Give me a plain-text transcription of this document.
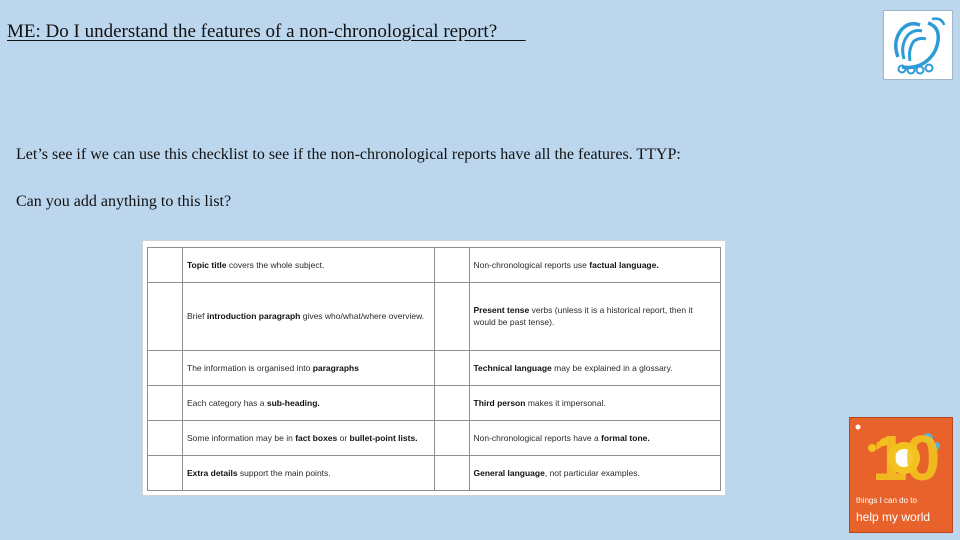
ME: Do I understand the features of a non-chronological report?
Let’s see if we can use this checklist to see if the non-chronological reports have all the features. TTYP:
Can you add anything to this list?
	Topic title covers the whole subject.		Non-chronological reports use factual language.
	Brief introduction paragraph gives who/what/where overview.		Present tense verbs (unless it is a historical report, then it would be past tense).
	The information is organised into paragraphs		Technical language may be explained in a glossary.
	Each category has a sub-heading.		Third person makes it impersonal.
	Some information may be in fact boxes or bullet-point lists.		Non-chronological reports have a formal tone.
	Extra details support the main points.		General language, not particular examples.	10
things I can do to
help my world
